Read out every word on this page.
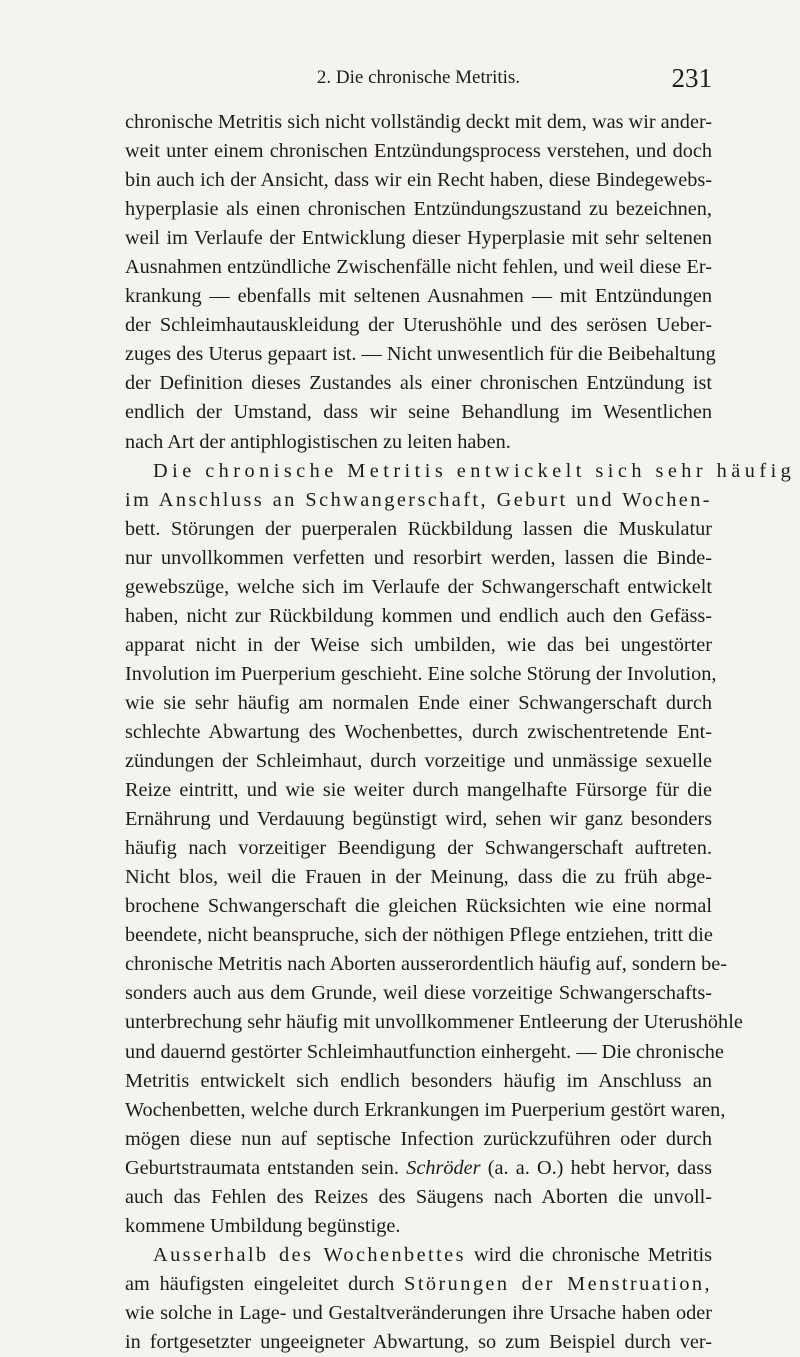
2. Die chronische Metritis.	231
chronische Metritis sich nicht vollständig deckt mit dem, was wir ander-
weit unter einem chronischen Entzündungsprocess verstehen, und doch
bin auch ich der Ansicht, dass wir ein Recht haben, diese Bindegewebs-
hyperplasie als einen chronischen Entzündungszustand zu bezeichnen,
weil im Verlaufe der Entwicklung dieser Hyperplasie mit sehr seltenen
Ausnahmen entzündliche Zwischenfälle nicht fehlen, und weil diese Er-
krankung — ebenfalls mit seltenen Ausnahmen — mit Entzündungen
der Schleimhautauskleidung der Uterushöhle und des serösen Ueber-
zuges des Uterus gepaart ist. — Nicht unwesentlich für die Beibehaltung
der Definition dieses Zustandes als einer chronischen Entzündung ist
endlich der Umstand, dass wir seine Behandlung im Wesentlichen
nach Art der antiphlogistischen zu leiten haben.
Die chronische Metritis entwickelt sich sehr häufig
im Anschluss an Schwangerschaft, Geburt und Wochen-
bett. Störungen der puerperalen Rückbildung lassen die Muskulatur
nur unvollkommen verfetten und resorbirt werden, lassen die Binde-
gewebszüge, welche sich im Verlaufe der Schwangerschaft entwickelt
haben, nicht zur Rückbildung kommen und endlich auch den Gefäss-
apparat nicht in der Weise sich umbilden, wie das bei ungestörter
Involution im Puerperium geschieht. Eine solche Störung der Involution,
wie sie sehr häufig am normalen Ende einer Schwangerschaft durch
schlechte Abwartung des Wochenbettes, durch zwischentretende Ent-
zündungen der Schleimhaut, durch vorzeitige und unmässige sexuelle
Reize eintritt, und wie sie weiter durch mangelhafte Fürsorge für die
Ernährung und Verdauung begünstigt wird, sehen wir ganz besonders
häufig nach vorzeitiger Beendigung der Schwangerschaft auftreten.
Nicht blos, weil die Frauen in der Meinung, dass die zu früh abge-
brochene Schwangerschaft die gleichen Rücksichten wie eine normal
beendete, nicht beanspruche, sich der nöthigen Pflege entziehen, tritt die
chronische Metritis nach Aborten ausserordentlich häufig auf, sondern be-
sonders auch aus dem Grunde, weil diese vorzeitige Schwangerschafts-
unterbrechung sehr häufig mit unvollkommener Entleerung der Uterushöhle
und dauernd gestörter Schleimhautfunction einhergeht. — Die chronische
Metritis entwickelt sich endlich besonders häufig im Anschluss an
Wochenbetten, welche durch Erkrankungen im Puerperium gestört waren,
mögen diese nun auf septische Infection zurückzuführen oder durch
Geburtstraumata entstanden sein. Schröder (a. a. O.) hebt hervor, dass
auch das Fehlen des Reizes des Säugens nach Aborten die unvoll-
kommene Umbildung begünstige.
Ausserhalb des Wochenbettes wird die chronische Metritis
am häufigsten eingeleitet durch Störungen der Menstruation,
wie solche in Lage- und Gestaltveränderungen ihre Ursache haben oder
in fortgesetzter ungeeigneter Abwartung, so zum Beispiel durch ver-
